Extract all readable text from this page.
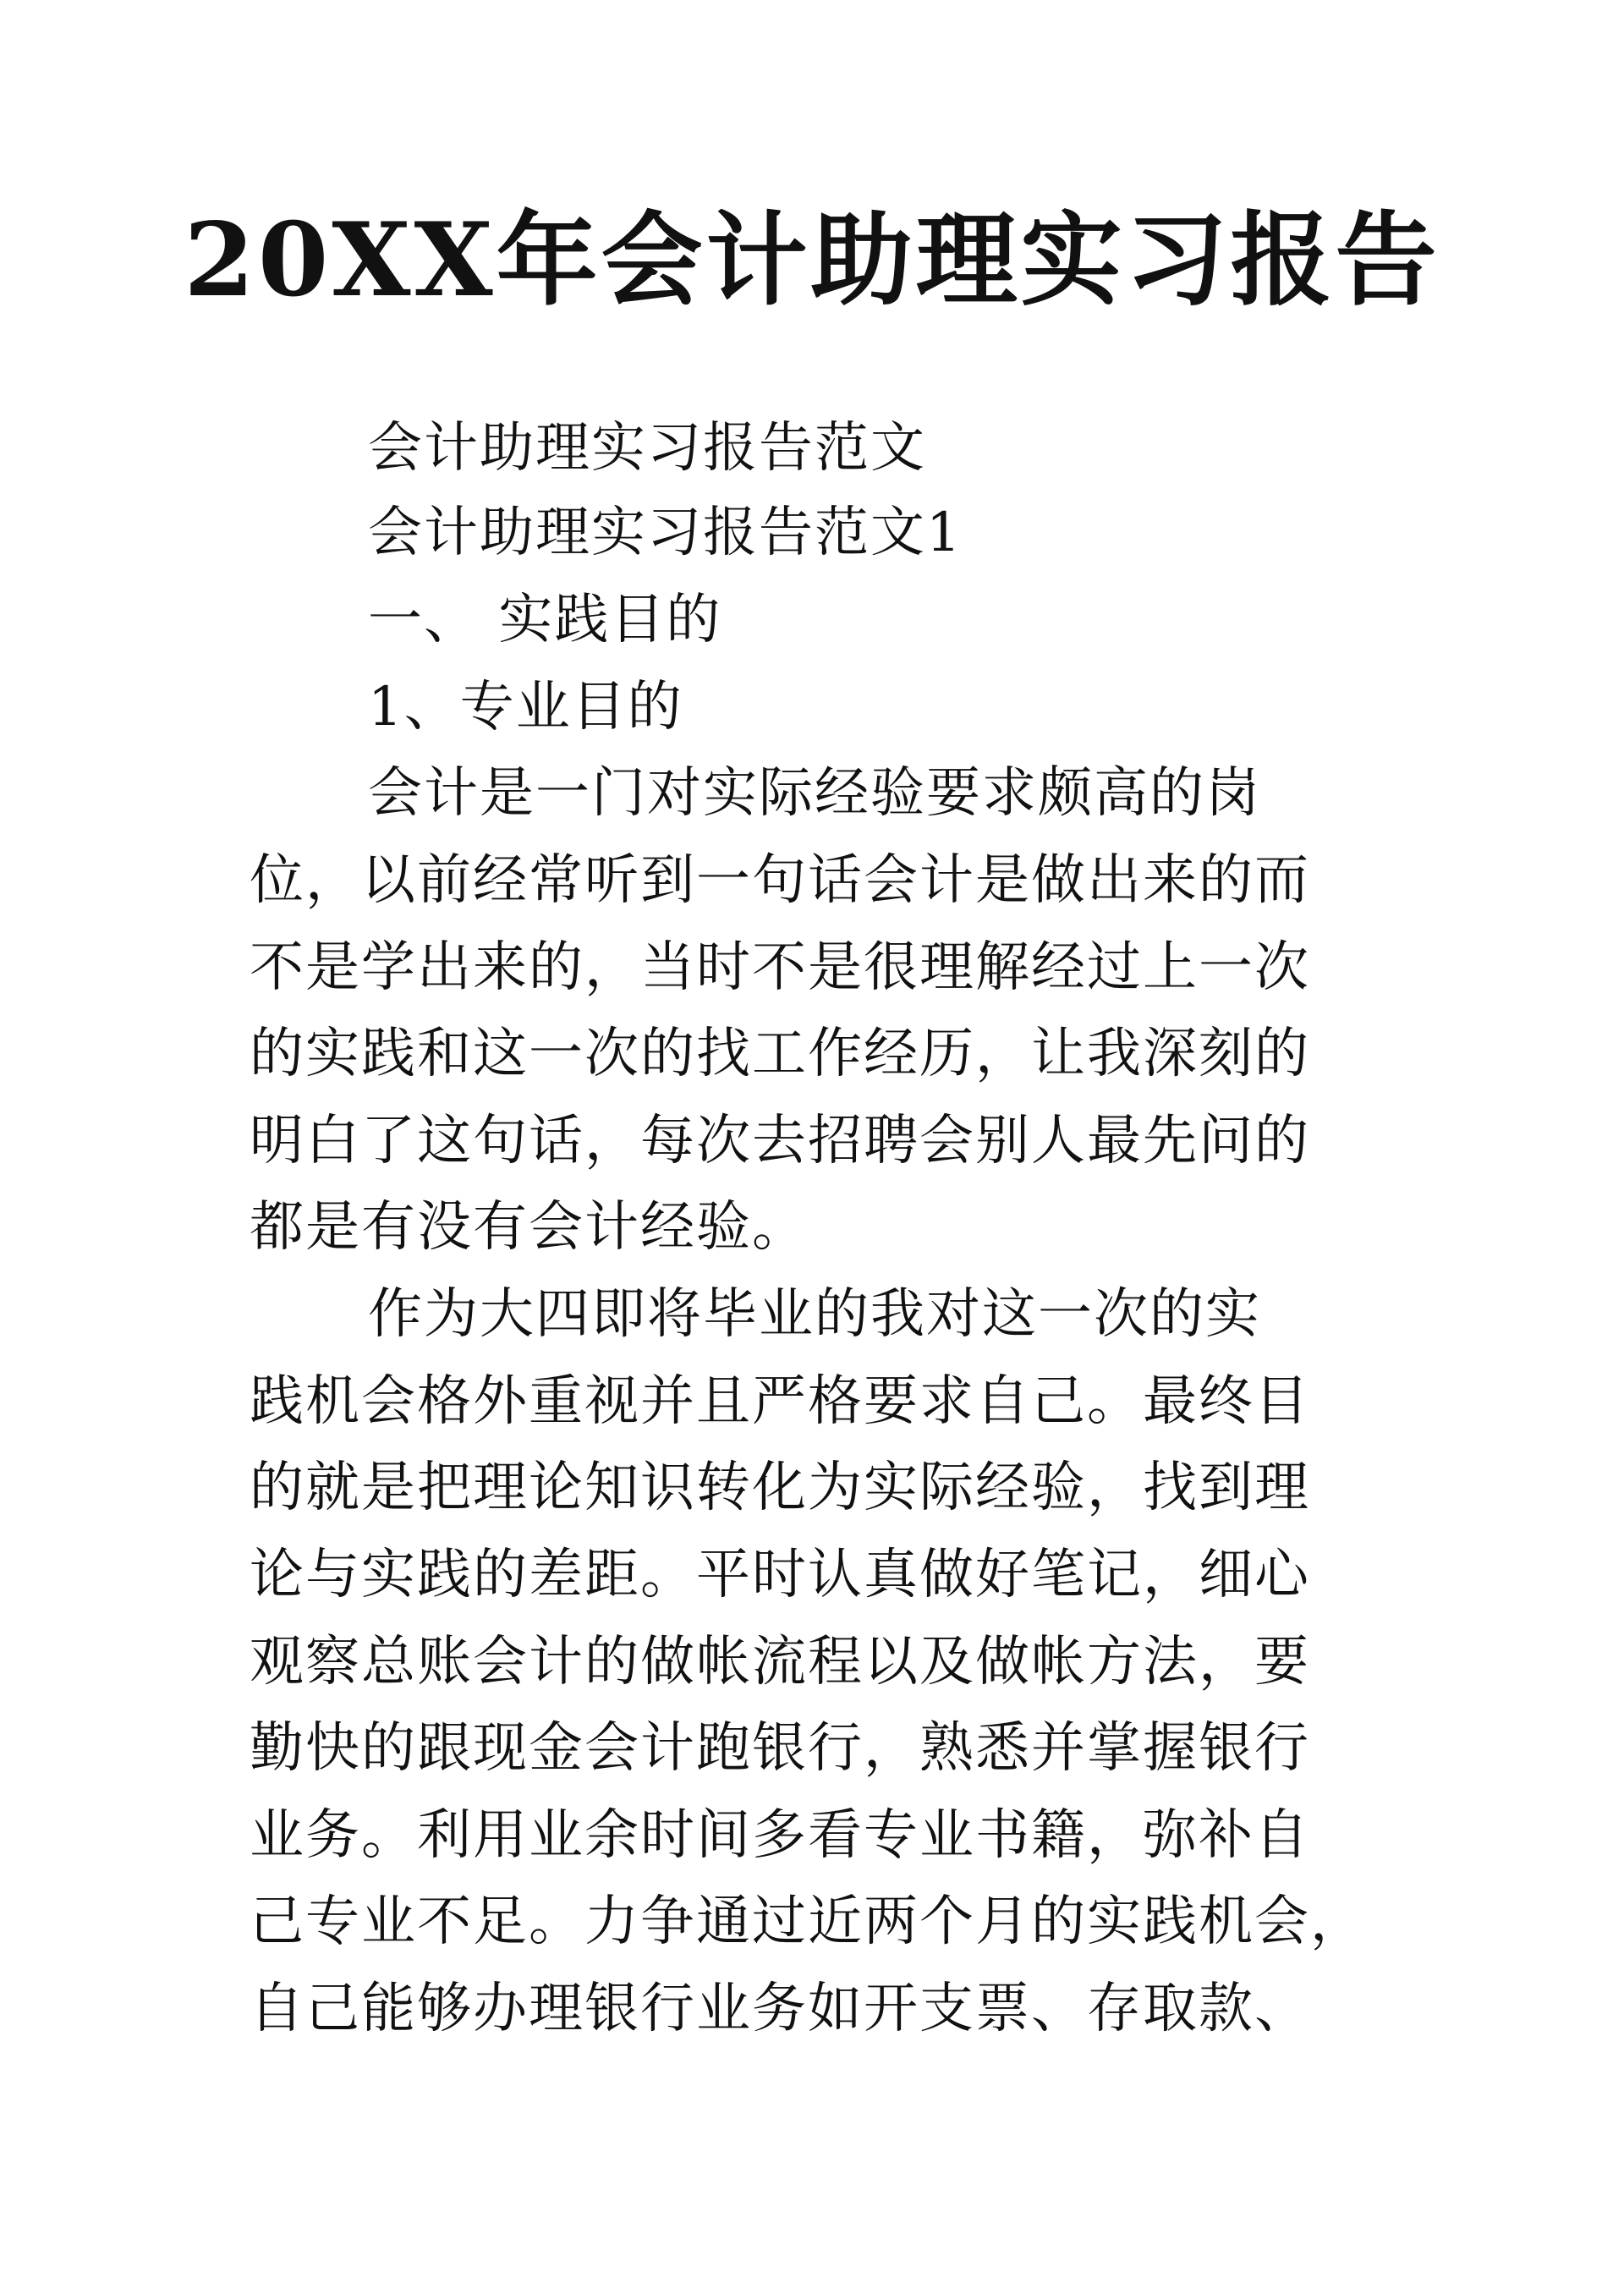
20XX年会计助理实习报告
会计助理实习报告范文
会计助理实习报告范文1
一、 实践目的
1、专业目的
会计是一门对实际经验要求颇高的岗
位，以前经常听到一句话会计是做出来的而
不是学出来的，当时不是很理解经过上一次
的实践和这一次的找工作经历，让我深刻的
明白了这句话，每次去招聘会别人最先问的
都是有没有会计经验。
作为大四即将毕业的我对这一次的实
践机会格外重视并且严格要求自己。最终目
的就是把理论知识转化为实际经验，找到理
论与实践的差距。平时认真做好笔记，细心
观察总账会计的做帐流程以及做帐方法，要
勤快的跟现金会计跑银行，熟悉并掌握银行
业务。利用业余时间多看专业书籍，弥补自
己专业不足。力争通过近两个月的实践机会，
自己能够办理银行业务如开支票、存取款、
